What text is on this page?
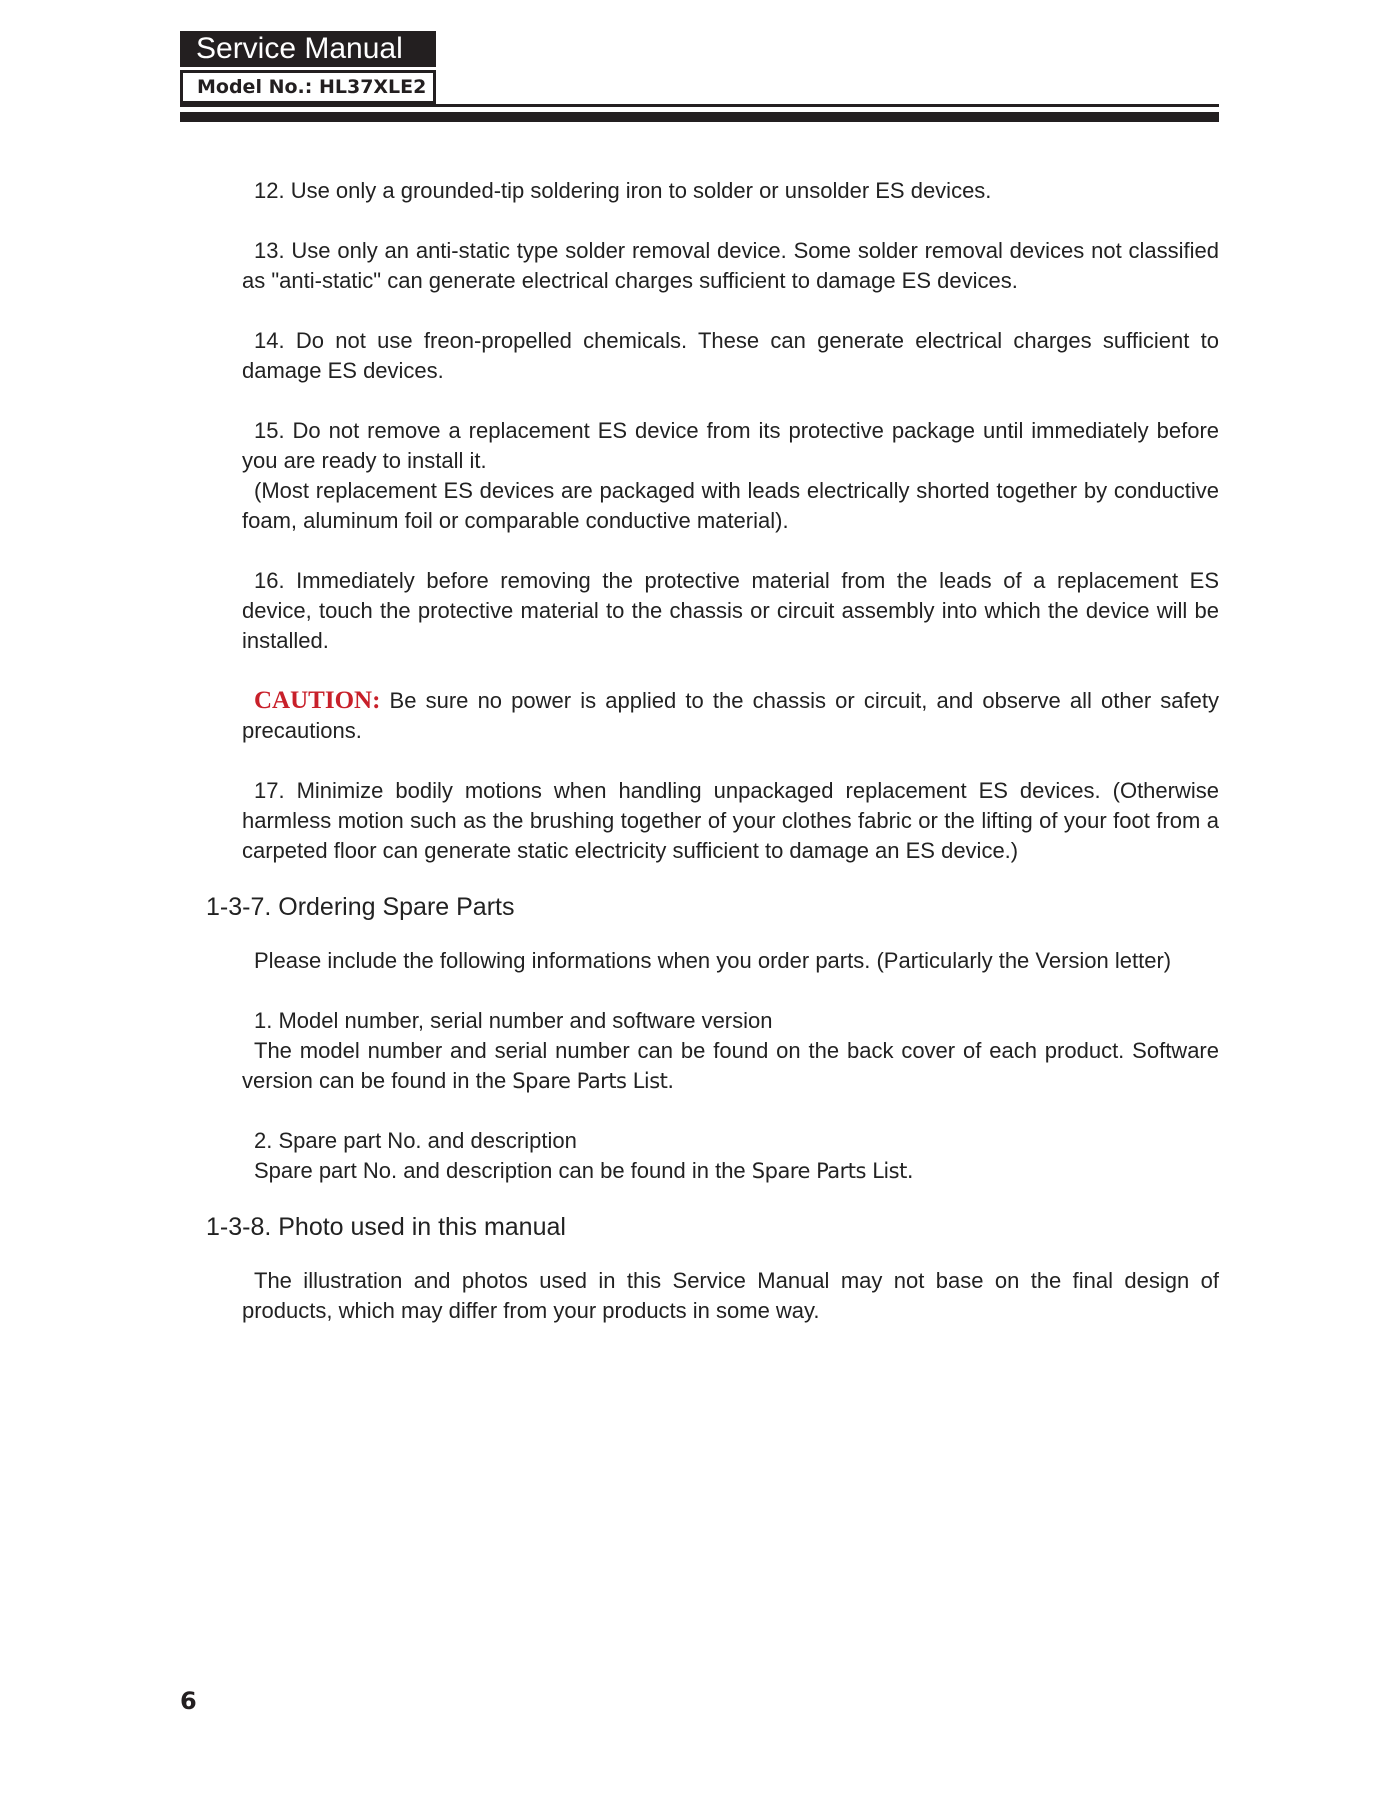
Service Manual
Model No.: HL37XLE2

12. Use only a grounded-tip soldering iron to solder or unsolder ES devices.

13. Use only an anti-static type solder removal device. Some solder removal devices not classified as "anti-static" can generate electrical charges sufficient to damage ES devices.

14. Do not use freon-propelled chemicals. These can generate electrical charges sufficient to damage ES devices.

15. Do not remove a replacement ES device from its protective package until immediately before you are ready to install it.

(Most replacement ES devices are packaged with leads electrically shorted together by conductive foam, aluminum foil or comparable conductive material).

16. Immediately before removing the protective material from the leads of a replacement ES device, touch the protective material to the chassis or circuit assembly into which the device will be installed.

CAUTION: Be sure no power is applied to the chassis or circuit, and observe all other safety precautions.

17. Minimize bodily motions when handling unpackaged replacement ES devices. (Otherwise harmless motion such as the brushing together of your clothes fabric or the lifting of your foot from a carpeted floor can generate static electricity sufficient to damage an ES device.)

1-3-7. Ordering Spare Parts

Please include the following informations when you order parts. (Particularly the Version letter)

1. Model number, serial number and software version

The model number and serial number can be found on the back cover of each product. Software version can be found in the Spare Parts List.

2. Spare part No. and description

Spare part No. and description can be found in the Spare Parts List.

1-3-8. Photo used in this manual

The illustration and photos used in this Service Manual may not base on the final design of products, which may differ from your products in some way.

6
